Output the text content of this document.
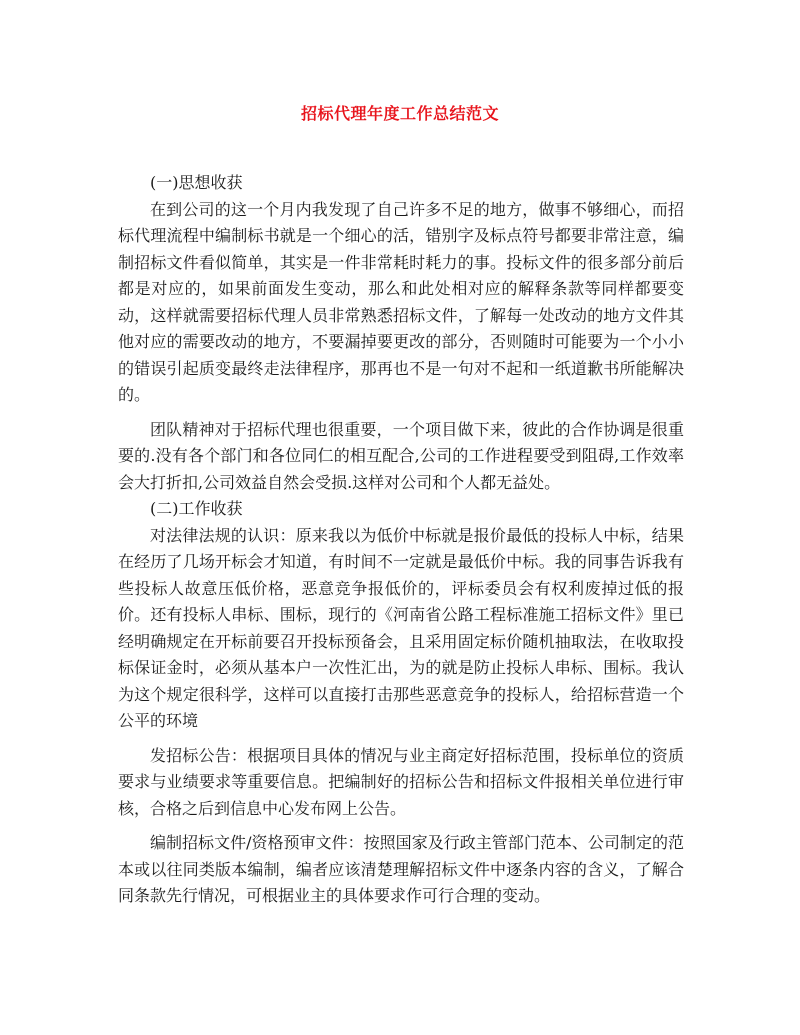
招标代理年度工作总结范文

(一)思想收获

在到公司的这一个月内我发现了自己许多不足的地方，做事不够细心，而招标代理流程中编制标书就是一个细心的活，错别字及标点符号都要非常注意，编制招标文件看似简单，其实是一件非常耗时耗力的事。投标文件的很多部分前后都是对应的，如果前面发生变动，那么和此处相对应的解释条款等同样都要变动，这样就需要招标代理人员非常熟悉招标文件，了解每一处改动的地方文件其他对应的需要改动的地方，不要漏掉要更改的部分，否则随时可能要为一个小小的错误引起质变最终走法律程序，那再也不是一句对不起和一纸道歉书所能解决的。

团队精神对于招标代理也很重要，一个项目做下来，彼此的合作协调是很重要的.没有各个部门和各位同仁的相互配合,公司的工作进程要受到阻碍,工作效率会大打折扣,公司效益自然会受损.这样对公司和个人都无益处。

(二)工作收获

对法律法规的认识：原来我以为低价中标就是报价最低的投标人中标，结果在经历了几场开标会才知道，有时间不一定就是最低价中标。我的同事告诉我有些投标人故意压低价格，恶意竞争报低价的，评标委员会有权利废掉过低的报价。还有投标人串标、围标，现行的《河南省公路工程标准施工招标文件》里已经明确规定在开标前要召开投标预备会，且采用固定标价随机抽取法，在收取投标保证金时，必须从基本户一次性汇出，为的就是防止投标人串标、围标。我认为这个规定很科学，这样可以直接打击那些恶意竞争的投标人，给招标营造一个公平的环境

发招标公告：根据项目具体的情况与业主商定好招标范围，投标单位的资质要求与业绩要求等重要信息。把编制好的招标公告和招标文件报相关单位进行审核，合格之后到信息中心发布网上公告。

编制招标文件/资格预审文件：按照国家及行政主管部门范本、公司制定的范本或以往同类版本编制，编者应该清楚理解招标文件中逐条内容的含义，了解合同条款先行情况，可根据业主的具体要求作可行合理的变动。
